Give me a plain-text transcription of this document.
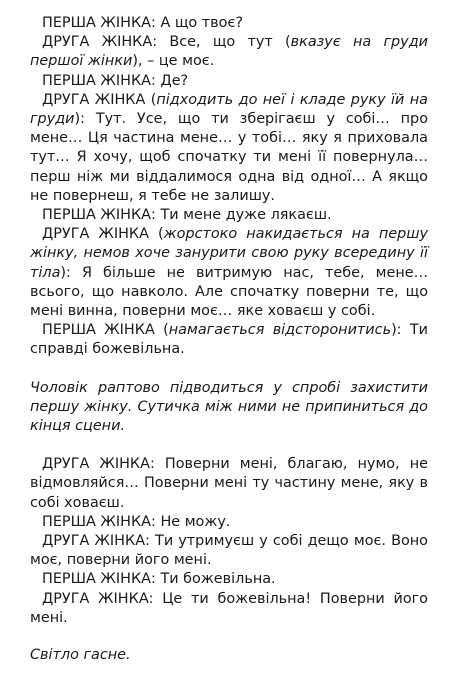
ПЕРША ЖІНКА: А що твоє?

ДРУГА ЖІНКА: Все, що тут (вказує на груди першої жінки), – це моє.

ПЕРША ЖІНКА: Де?

ДРУГА ЖІНКА (підходить до неї і кладе руку їй на груди): Тут. Усе, що ти зберігаєш у собі… про мене… Ця частина мене… у тобі… яку я приховала тут… Я хочу, щоб спочатку ти мені її повернула… перш ніж ми віддалимося одна від одної… А якщо не повернеш, я тебе не залишу.

ПЕРША ЖІНКА: Ти мене дуже лякаєш.

ДРУГА ЖІНКА (жорстоко накидається на першу жінку, немов хоче занурити свою руку всередину її тіла): Я більше не витримую нас, тебе, мене… всього, що навколо. Але спочатку поверни те, що мені винна, поверни моє… яке ховаєш у собі.

ПЕРША ЖІНКА (намагається відсторонитись): Ти справді божевільна.

Чоловік раптово підводиться у спробі захистити першу жінку. Сутичка між ними не припиниться до кінця сцени.

ДРУГА ЖІНКА: Поверни мені, благаю, нумо, не відмовляйся… Поверни мені ту частину мене, яку в собі ховаєш.

ПЕРША ЖІНКА: Не можу.

ДРУГА ЖІНКА: Ти утримуєш у собі дещо моє. Воно моє, поверни його мені.

ПЕРША ЖІНКА: Ти божевільна.

ДРУГА ЖІНКА: Це ти божевільна! Поверни його мені.

Світло гасне.
